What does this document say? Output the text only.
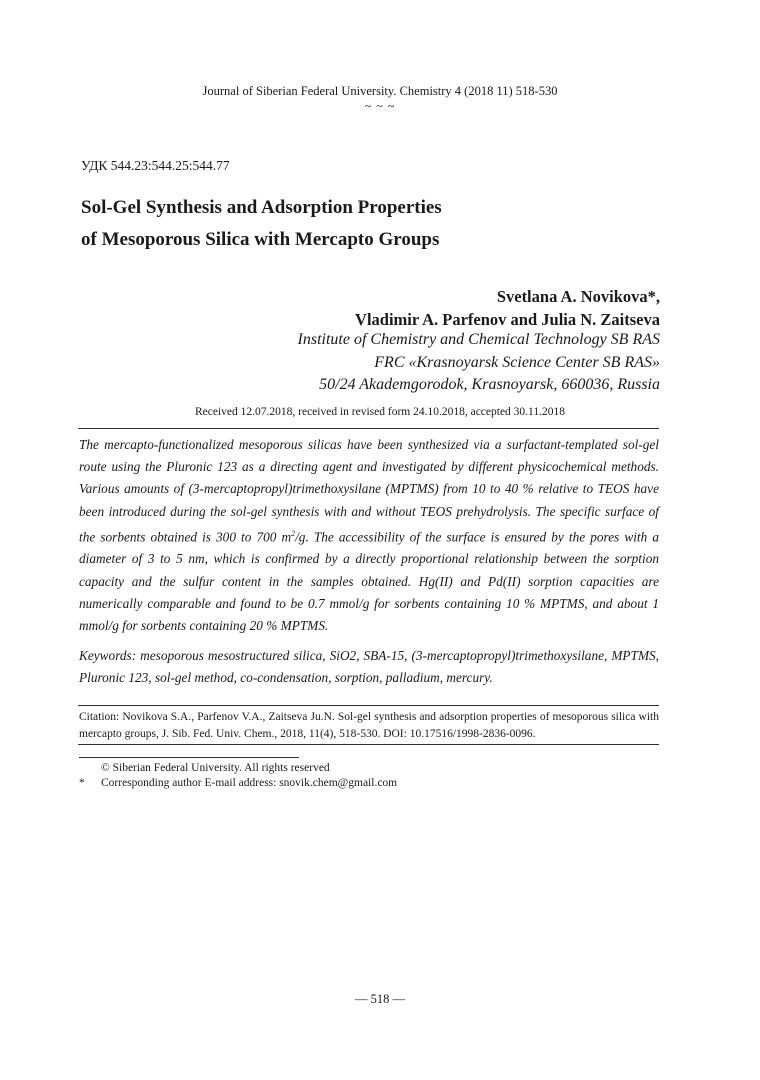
Journal of Siberian Federal University. Chemistry 4 (2018 11) 518-530
~ ~ ~
УДК 544.23:544.25:544.77
Sol-Gel Synthesis and Adsorption Properties
of Mesoporous Silica with Mercapto Groups
Svetlana A. Novikova*,
Vladimir A. Parfenov and Julia N. Zaitseva
Institute of Chemistry and Chemical Technology SB RAS
FRC «Krasnoyarsk Science Center SB RAS»
50/24 Akademgorodok, Krasnoyarsk, 660036, Russia
Received 12.07.2018, received in revised form 24.10.2018, accepted 30.11.2018
The mercapto-functionalized mesoporous silicas have been synthesized via a surfactant-templated sol-gel route using the Pluronic 123 as a directing agent and investigated by different physicochemical methods. Various amounts of (3-mercaptopropyl)trimethoxysilane (MPTMS) from 10 to 40 % relative to TEOS have been introduced during the sol-gel synthesis with and without TEOS prehydrolysis. The specific surface of the sorbents obtained is 300 to 700 $m^2/g$. The accessibility of the surface is ensured by the pores with a diameter of 3 to 5 nm, which is confirmed by a directly proportional relationship between the sorption capacity and the sulfur content in the samples obtained. Hg(II) and Pd(II) sorption capacities are numerically comparable and found to be 0.7 mmol/g for sorbents containing 10 % MPTMS, and about 1 mmol/g for sorbents containing 20 % MPTMS.
Keywords: mesoporous mesostructured silica, SiO2, SBA-15, (3-mercaptopropyl)trimethoxysilane, MPTMS, Pluronic 123, sol-gel method, co-condensation, sorption, palladium, mercury.
Citation: Novikova S.A., Parfenov V.A., Zaitseva Ju.N. Sol-gel synthesis and adsorption properties of mesoporous silica with mercapto groups, J. Sib. Fed. Univ. Chem., 2018, 11(4), 518-530. DOI: 10.17516/1998-2836-0096.
© Siberian Federal University. All rights reserved
* Corresponding author E-mail address: snovik.chem@gmail.com
― 518 ―
